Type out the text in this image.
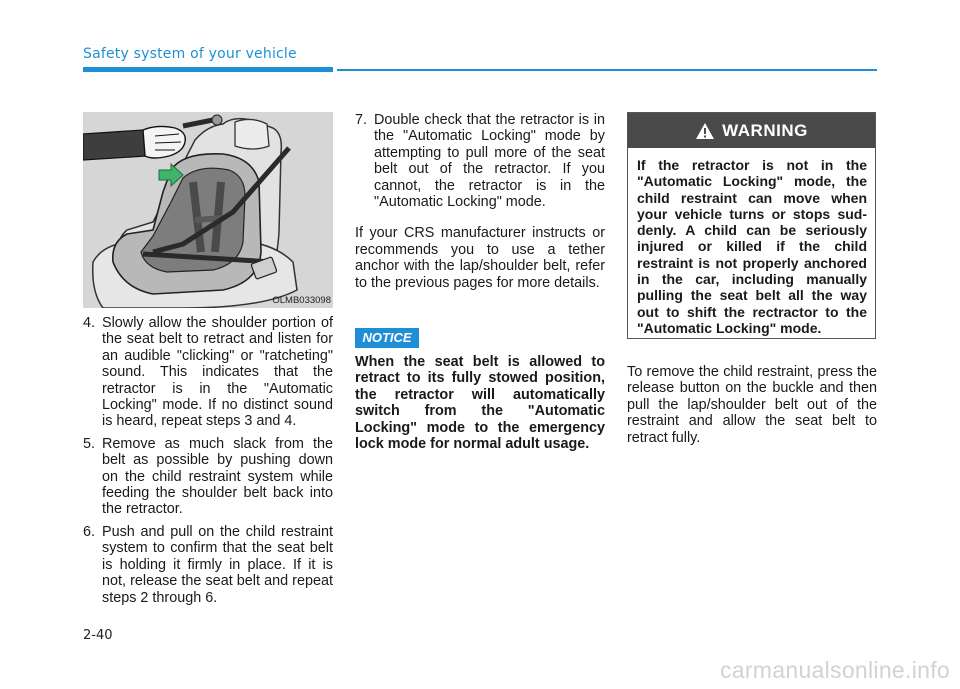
Safety system of your vehicle
OLMB033098
4. Slowly allow the shoulder portion of the seat belt to retract and listen for an audible "clicking" or "ratcheting" sound. This indicates that the retractor is in the "Automatic Locking" mode. If no distinct sound is heard, repeat steps 3 and 4.
5. Remove as much slack from the belt as possible by pushing down on the child restraint system while feeding the shoulder belt back into the retractor.
6. Push and pull on the child restraint system to confirm that the seat belt is holding it firmly in place. If it is not, release the seat belt and repeat steps 2 through 6.
7. Double check that the retractor is in the "Automatic Locking" mode by attempting to pull more of the seat belt out of the retractor. If you cannot, the retractor is in the "Automatic Locking" mode.

If your CRS manufacturer instructs or recommends you to use a tether anchor with the lap/shoulder belt, refer to the previous pages for more details.

NOTICE

When the seat belt is allowed to retract to its fully stowed position, the retractor will automatically switch from the "Automatic Locking" mode to the emergency lock mode for normal adult usage.

WARNING
If the retractor is not in the "Automatic Locking" mode, the child restraint can move when your vehicle turns or stops sud-denly. A child can be seriously injured or killed if the child restraint is not properly anchored in the car, including manually pulling the seat belt all the way out to shift the rectractor to the "Automatic Locking" mode.

To remove the child restraint, press the release button on the buckle and then pull the lap/shoulder belt out of the restraint and allow the seat belt to retract fully.

2-40
carmanualsonline.info
